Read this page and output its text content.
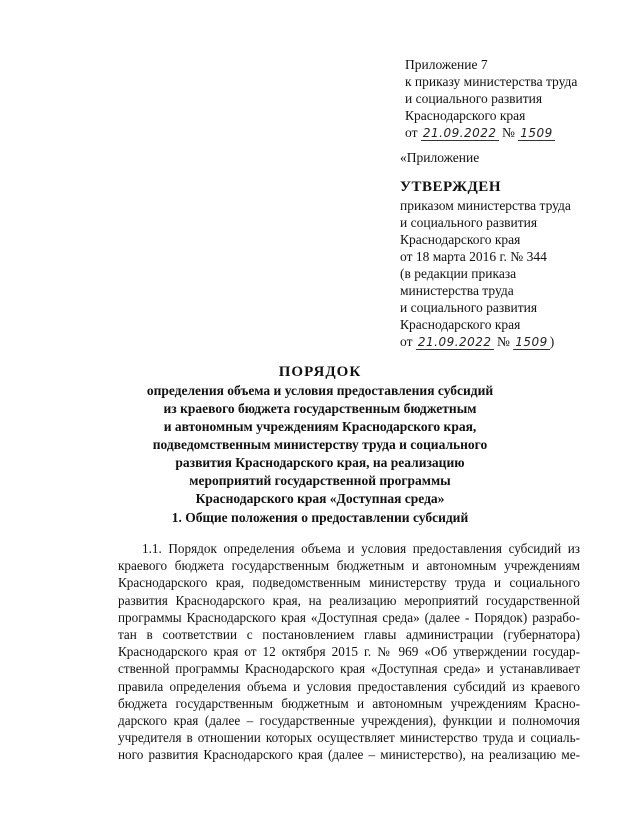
Приложение 7
к приказу министерства труда
и социального развития
Краснодарского края
от 21.09.2022 № 1509
«Приложение
УТВЕРЖДЕН
приказом министерства труда
и социального развития
Краснодарского края
от 18 марта 2016 г. № 344
(в редакции приказа
министерства труда
и социального развития
Краснодарского края
от 21.09.2022 № 1509 )
ПОРЯДОК
определения объема и условия предоставления субсидий
из краевого бюджета государственным бюджетным
и автономным учреждениям Краснодарского края,
подведомственным министерству труда и социального
развития Краснодарского края, на реализацию
мероприятий государственной программы
Краснодарского края «Доступная среда»
1. Общие положения о предоставлении субсидий
1.1. Порядок определения объема и условия предоставления субсидий из
краевого бюджета государственным бюджетным и автономным учреждениям
Краснодарского края, подведомственным министерству труда и социального
развития Краснодарского края, на реализацию мероприятий государственной
программы Краснодарского края «Доступная среда» (далее - Порядок) разрабо-
тан в соответствии с постановлением главы администрации (губернатора)
Краснодарского края от 12 октября 2015 г. № 969 «Об утверждении государ-
ственной программы Краснодарского края «Доступная среда» и устанавливает
правила определения объема и условия предоставления субсидий из краевого
бюджета государственным бюджетным и автономным учреждениям Красно-
дарского края (далее – государственные учреждения), функции и полномочия
учредителя в отношении которых осуществляет министерство труда и социаль-
ного развития Краснодарского края (далее – министерство), на реализацию ме-
